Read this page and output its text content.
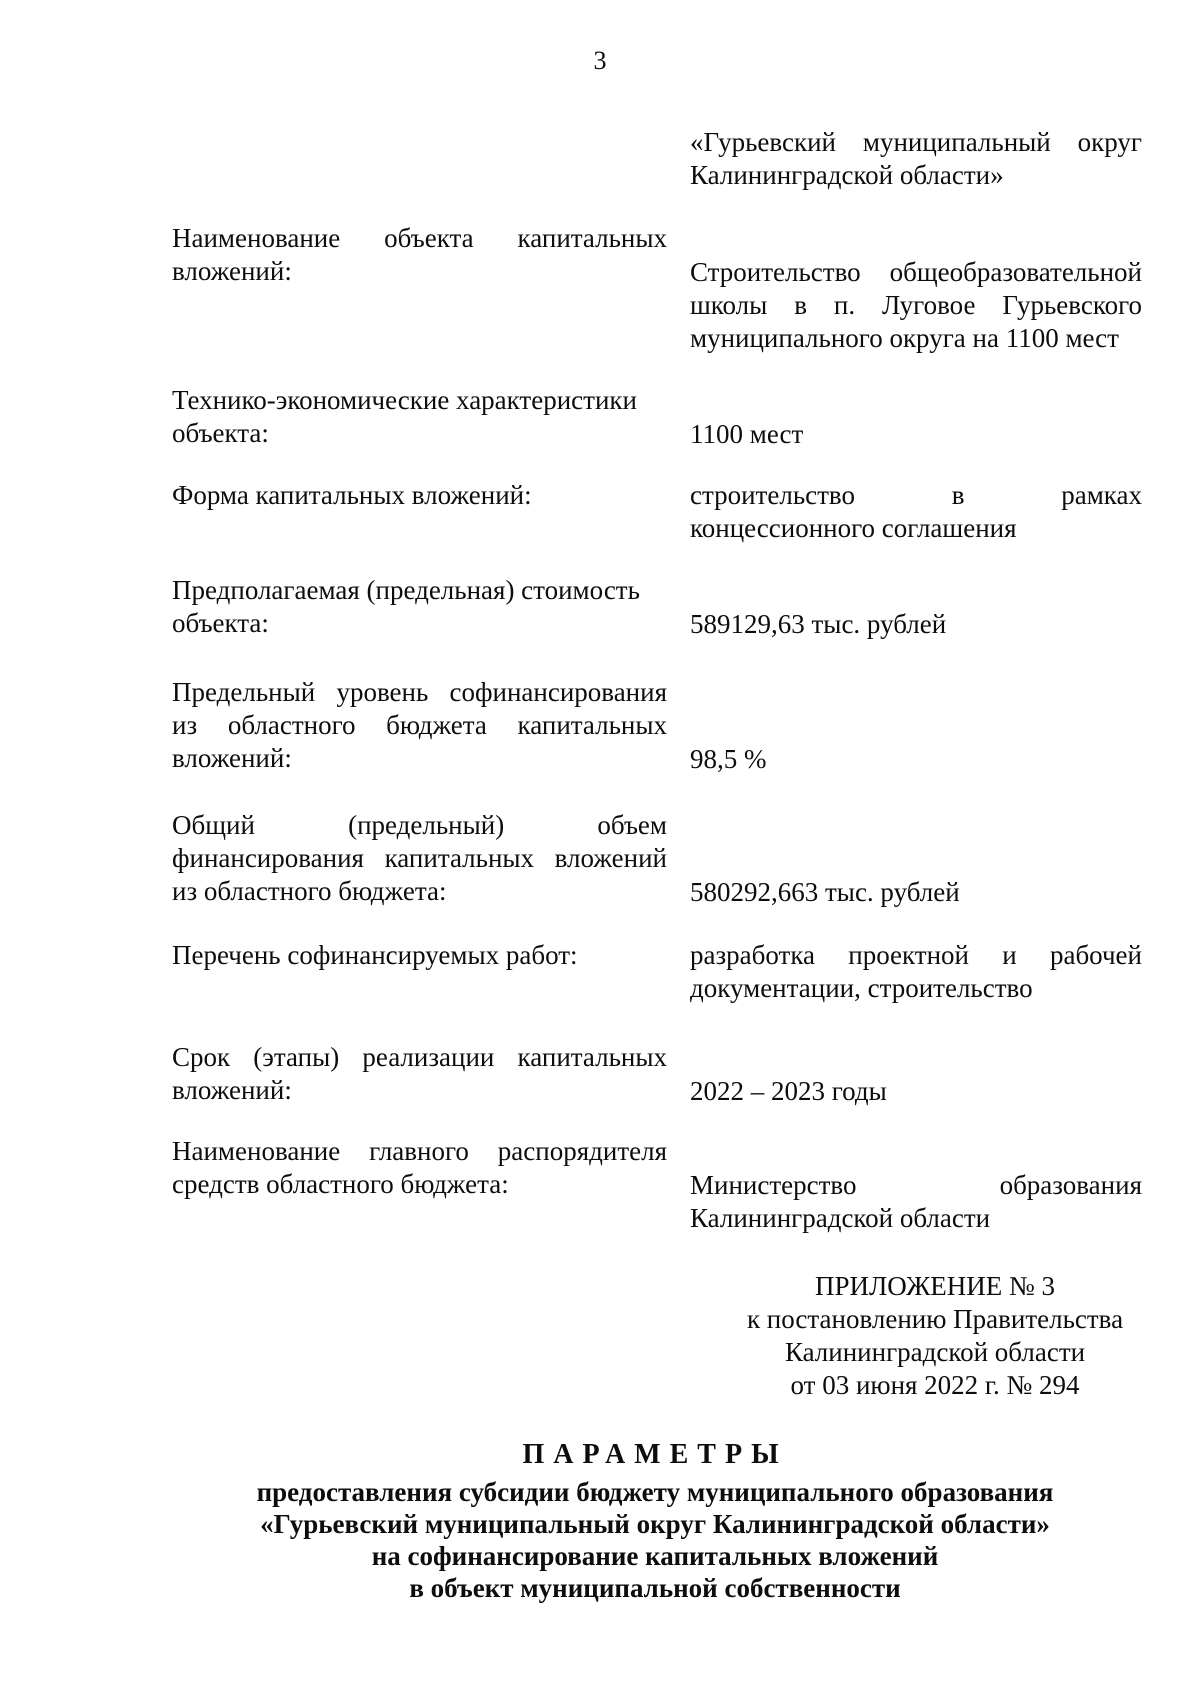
3
«Гурьевский муниципальный округ
Калининградской области»
Наименование объекта капитальных
вложений:	Строительство общеобразовательной
школы в п. Луговое Гурьевского
муниципального округа на 1100 мест
Технико-экономические характеристики
объекта:	1100 мест
Форма капитальных вложений:	строительство в рамках
концессионного соглашения
Предполагаемая (предельная) стоимость
объекта:	589129,63 тыс. рублей
Предельный уровень софинансирования
из областного бюджета капитальных
вложений:	98,5 %
Общий (предельный) объем
финансирования капитальных вложений
из областного бюджета:	580292,663 тыс. рублей
Перечень софинансируемых работ:	разработка проектной и рабочей
документации, строительство
Срок (этапы) реализации капитальных
вложений:	2022 – 2023 годы
Наименование главного распорядителя
средств областного бюджета:	Министерство образования
Калининградской области
ПРИЛОЖЕНИЕ № 3
к постановлению Правительства
Калининградской области
от 03 июня 2022 г. № 294
ПАРАМЕТРЫ
предоставления субсидии бюджету муниципального образования
«Гурьевский муниципальный округ Калининградской области»
на софинансирование капитальных вложений
в объект муниципальной собственности
